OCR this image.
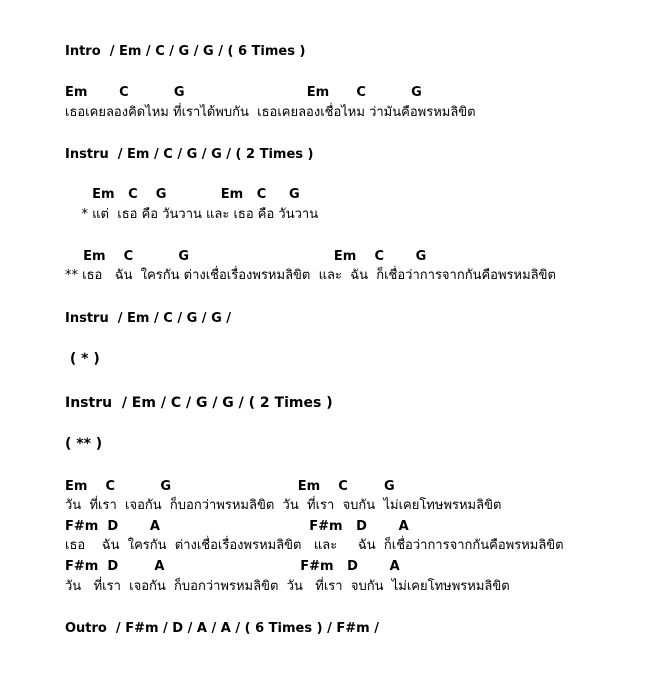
Intro  / Em / C / G / G / ( 6 Times )
Em       C          G                           Em      C          G
เธอเคยลองคิดไหม ที่เราได้พบกัน  เธอเคยลองเชื่อไหม ว่ามันคือพรหมลิขิต
Instru  / Em / C / G / G / ( 2 Times )
Em   C    G            Em   C     G
* แต่  เธอ คือ วันวาน และ เธอ คือ วันวาน
Em    C          G                                Em    C       G
** เธอ   ฉัน  ใครกัน ต่างเชื่อเรื่องพรหมลิขิต  และ  ฉัน  ก็เชื่อว่าการจากกันคือพรหมลิขิต
Instru  / Em / C / G / G /
( * )
Instru  / Em / C / G / G / ( 2 Times )
( ** )
Em    C          G                            Em    C        G
วัน  ที่เรา  เจอกัน  ก็บอกว่าพรหมลิขิต  วัน  ที่เรา  จบกัน  ไม่เคยโทษพรหมลิขิต
F#m  D       A                                 F#m   D       A
เธอ    ฉัน  ใครกัน  ต่างเชื่อเรื่องพรหมลิขิต   และ     ฉัน  ก็เชื่อว่าการจากกันคือพรหมลิขิต
F#m  D        A                              F#m   D       A
วัน   ที่เรา  เจอกัน  ก็บอกว่าพรหมลิขิต  วัน   ที่เรา  จบกัน  ไม่เคยโทษพรหมลิขิต
Outro  / F#m / D / A / A / ( 6 Times ) / F#m /
